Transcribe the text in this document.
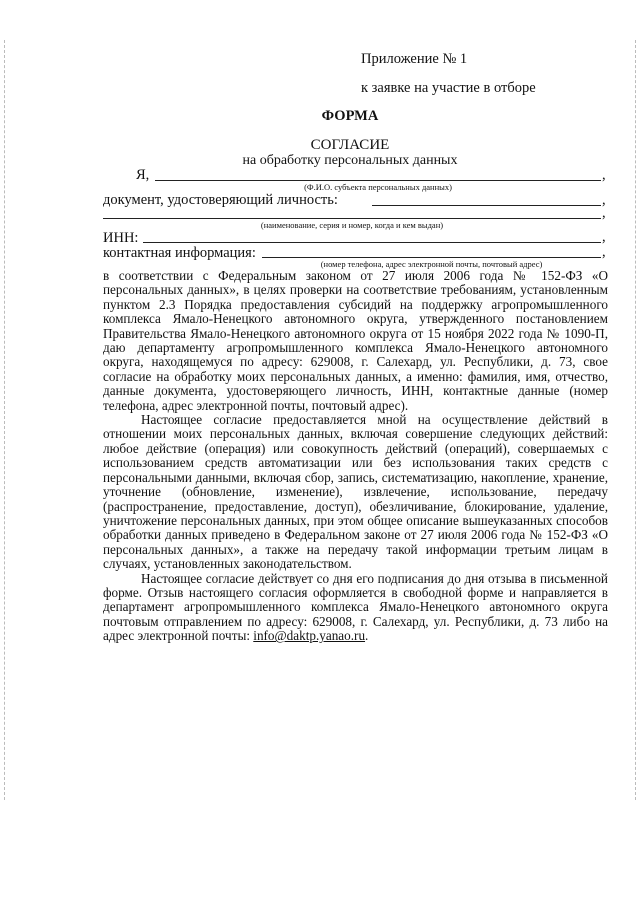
Приложение № 1
к заявке на участие в отборе
ФОРМА
СОГЛАСИЕ
на обработку персональных данных
Я,	,
(Ф.И.О. субъекта персональных данных)
документ, удостоверяющий личность:	,
,
(наименование, серия и номер, когда и кем выдан)
ИНН:	,
контактная информация:	,
(номер телефона, адрес электронной почты, почтовый адрес)

в соответствии с Федеральным законом от 27 июля 2006 года № 152-ФЗ «О персональных данных», в целях проверки на соответствие требованиям, установленным пунктом 2.3 Порядка предоставления субсидий на поддержку агропромышленного комплекса Ямало-Ненецкого автономного округа, утвержденного постановлением Правительства Ямало-Ненецкого автономного округа от 15 ноября 2022 года № 1090-П, даю департаменту агропромышленного комплекса Ямало-Ненецкого автономного округа, находящемуся по адресу: 629008, г. Салехард, ул. Республики, д. 73, свое согласие на обработку моих персональных данных, а именно: фамилия, имя, отчество, данные документа, удостоверяющего личность, ИНН, контактные данные (номер телефона, адрес электронной почты, почтовый адрес).

Настоящее согласие предоставляется мной на осуществление действий в отношении моих персональных данных, включая совершение следующих действий: любое действие (операция) или совокупность действий (операций), совершаемых с использованием средств автоматизации или без использования таких средств с персональными данными, включая сбор, запись, систематизацию, накопление, хранение, уточнение (обновление, изменение), извлечение, использование, передачу (распространение, предоставление, доступ), обезличивание, блокирование, удаление, уничтожение персональных данных, при этом общее описание вышеуказанных способов обработки данных приведено в Федеральном законе от 27 июля 2006 года № 152-ФЗ «О персональных данных», а также на передачу такой информации третьим лицам в случаях, установленных законодательством.

Настоящее согласие действует со дня его подписания до дня отзыва в письменной форме. Отзыв настоящего согласия оформляется в свободной форме и направляется в департамент агропромышленного комплекса Ямало-Ненецкого автономного округа почтовым отправлением по адресу: 629008, г. Салехард, ул. Республики, д. 73 либо на адрес электронной почты: info@daktp.yanao.ru.
